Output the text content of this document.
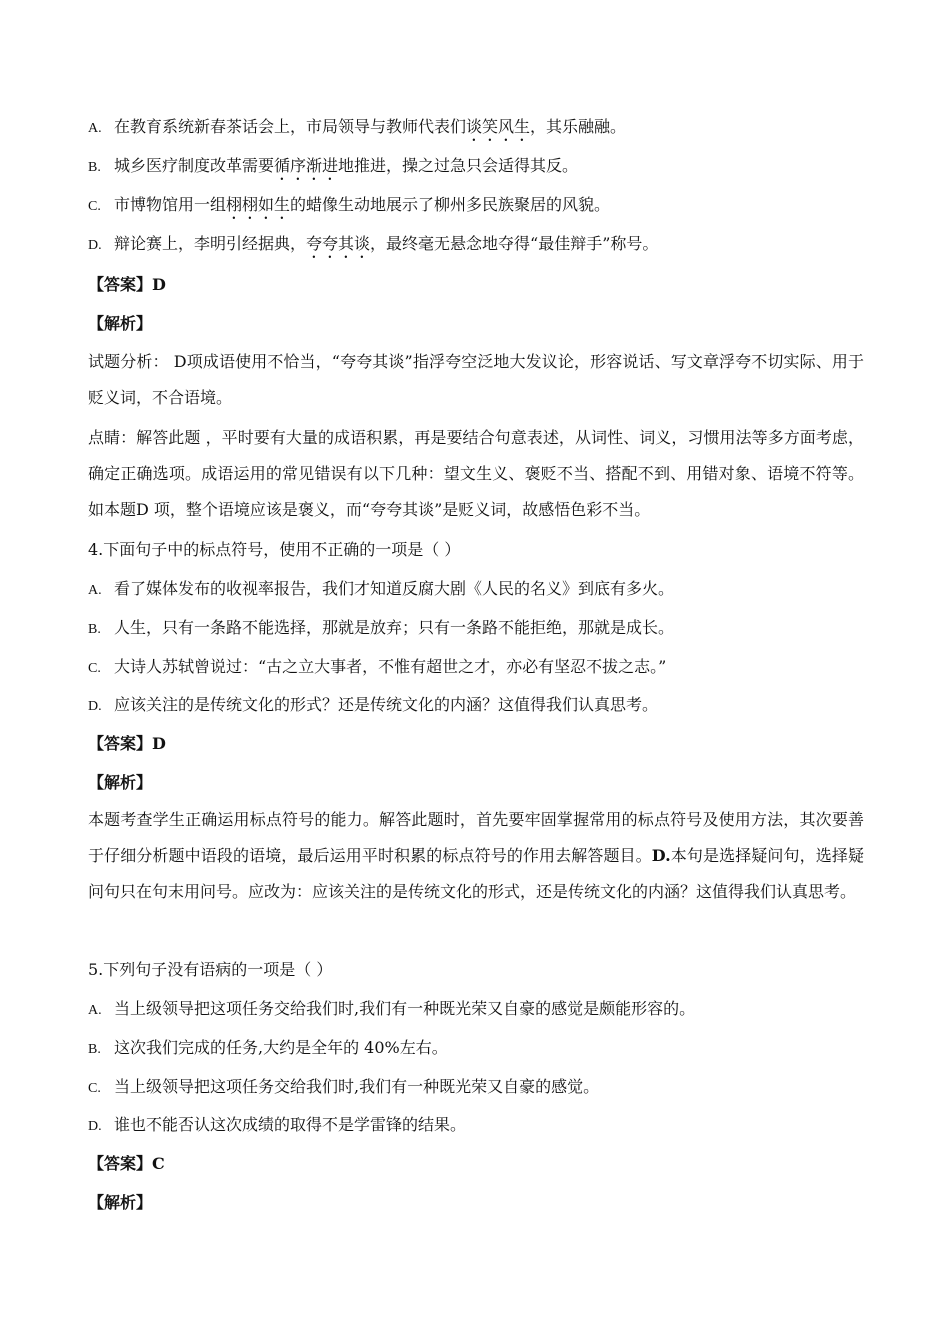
A. 在教育系统新春茶话会上，市局领导与教师代表们谈笑风生，其乐融融。
B. 城乡医疗制度改革需要循序渐进地推进，操之过急只会适得其反。
C. 市博物馆用一组栩栩如生的蜡像生动地展示了柳州多民族聚居的风貌。
D. 辩论赛上，李明引经据典，夸夸其谈，最终毫无悬念地夺得“最佳辩手”称号。
【答案】D
【解析】
试题分析： D项成语使用不恰当，“夸夸其谈”指浮夸空泛地大发议论，形容说话、写文章浮夸不切实际、用于贬义词，不合语境。
点睛：解答此题 ，平时要有大量的成语积累，再是要结合句意表述，从词性、词义，习惯用法等多方面考虑，确定正确选项。成语运用的常见错误有以下几种：望文生义、褒贬不当、搭配不到、用错对象、语境不符等。如本题D 项，整个语境应该是褒义，而“夸夸其谈”是贬义词，故感悟色彩不当。
4.下面句子中的标点符号，使用不正确的一项是（ ）
A. 看了媒体发布的收视率报告，我们才知道反腐大剧《人民的名义》到底有多火。
B. 人生，只有一条路不能选择，那就是放弃；只有一条路不能拒绝，那就是成长。
C. 大诗人苏轼曾说过：“古之立大事者，不惟有超世之才，亦必有坚忍不拔之志。”
D. 应该关注的是传统文化的形式？还是传统文化的内涵？这值得我们认真思考。
【答案】D
【解析】
本题考查学生正确运用标点符号的能力。解答此题时，首先要牢固掌握常用的标点符号及使用方法，其次要善于仔细分析题中语段的语境，最后运用平时积累的标点符号的作用去解答题目。D.本句是选择疑问句，选择疑问句只在句末用问号。应改为：应该关注的是传统文化的形式，还是传统文化的内涵？这值得我们认真思考。
5.下列句子没有语病的一项是（ ）
A. 当上级领导把这项任务交给我们时,我们有一种既光荣又自豪的感觉是颇能形容的。
B. 这次我们完成的任务,大约是全年的 40%左右。
C. 当上级领导把这项任务交给我们时,我们有一种既光荣又自豪的感觉。
D. 谁也不能否认这次成绩的取得不是学雷锋的结果。
【答案】C
【解析】
